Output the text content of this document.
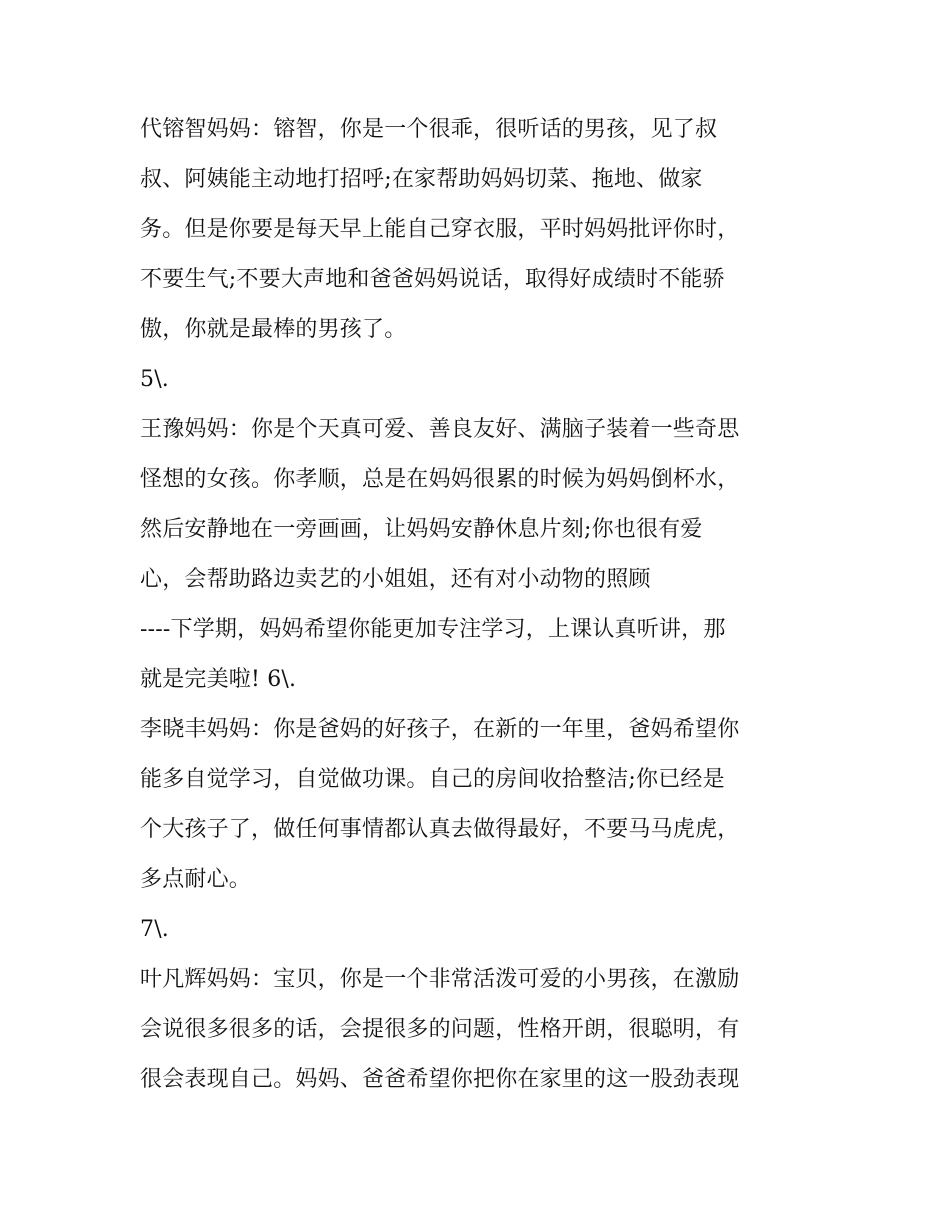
代镕智妈妈：镕智，你是一个很乖，很听话的男孩，见了叔
叔、阿姨能主动地打招呼;在家帮助妈妈切菜、拖地、做家
务。但是你要是每天早上能自己穿衣服，平时妈妈批评你时，
不要生气;不要大声地和爸爸妈妈说话，取得好成绩时不能骄
傲，你就是最棒的男孩了。
5\.
王豫妈妈：你是个天真可爱、善良友好、满脑子装着一些奇思
怪想的女孩。你孝顺，总是在妈妈很累的时候为妈妈倒杯水，
然后安静地在一旁画画，让妈妈安静休息片刻;你也很有爱
心，会帮助路边卖艺的小姐姐，还有对小动物的照顾
----下学期，妈妈希望你能更加专注学习，上课认真听讲，那
就是完美啦! 6\.
李晓丰妈妈：你是爸妈的好孩子，在新的一年里，爸妈希望你
能多自觉学习，自觉做功课。自己的房间收拾整洁;你已经是
个大孩子了，做任何事情都认真去做得最好，不要马马虎虎，
多点耐心。
7\.
叶凡辉妈妈：宝贝，你是一个非常活泼可爱的小男孩，在激励
会说很多很多的话，会提很多的问题，性格开朗，很聪明，有
很会表现自己。妈妈、爸爸希望你把你在家里的这一股劲表现
